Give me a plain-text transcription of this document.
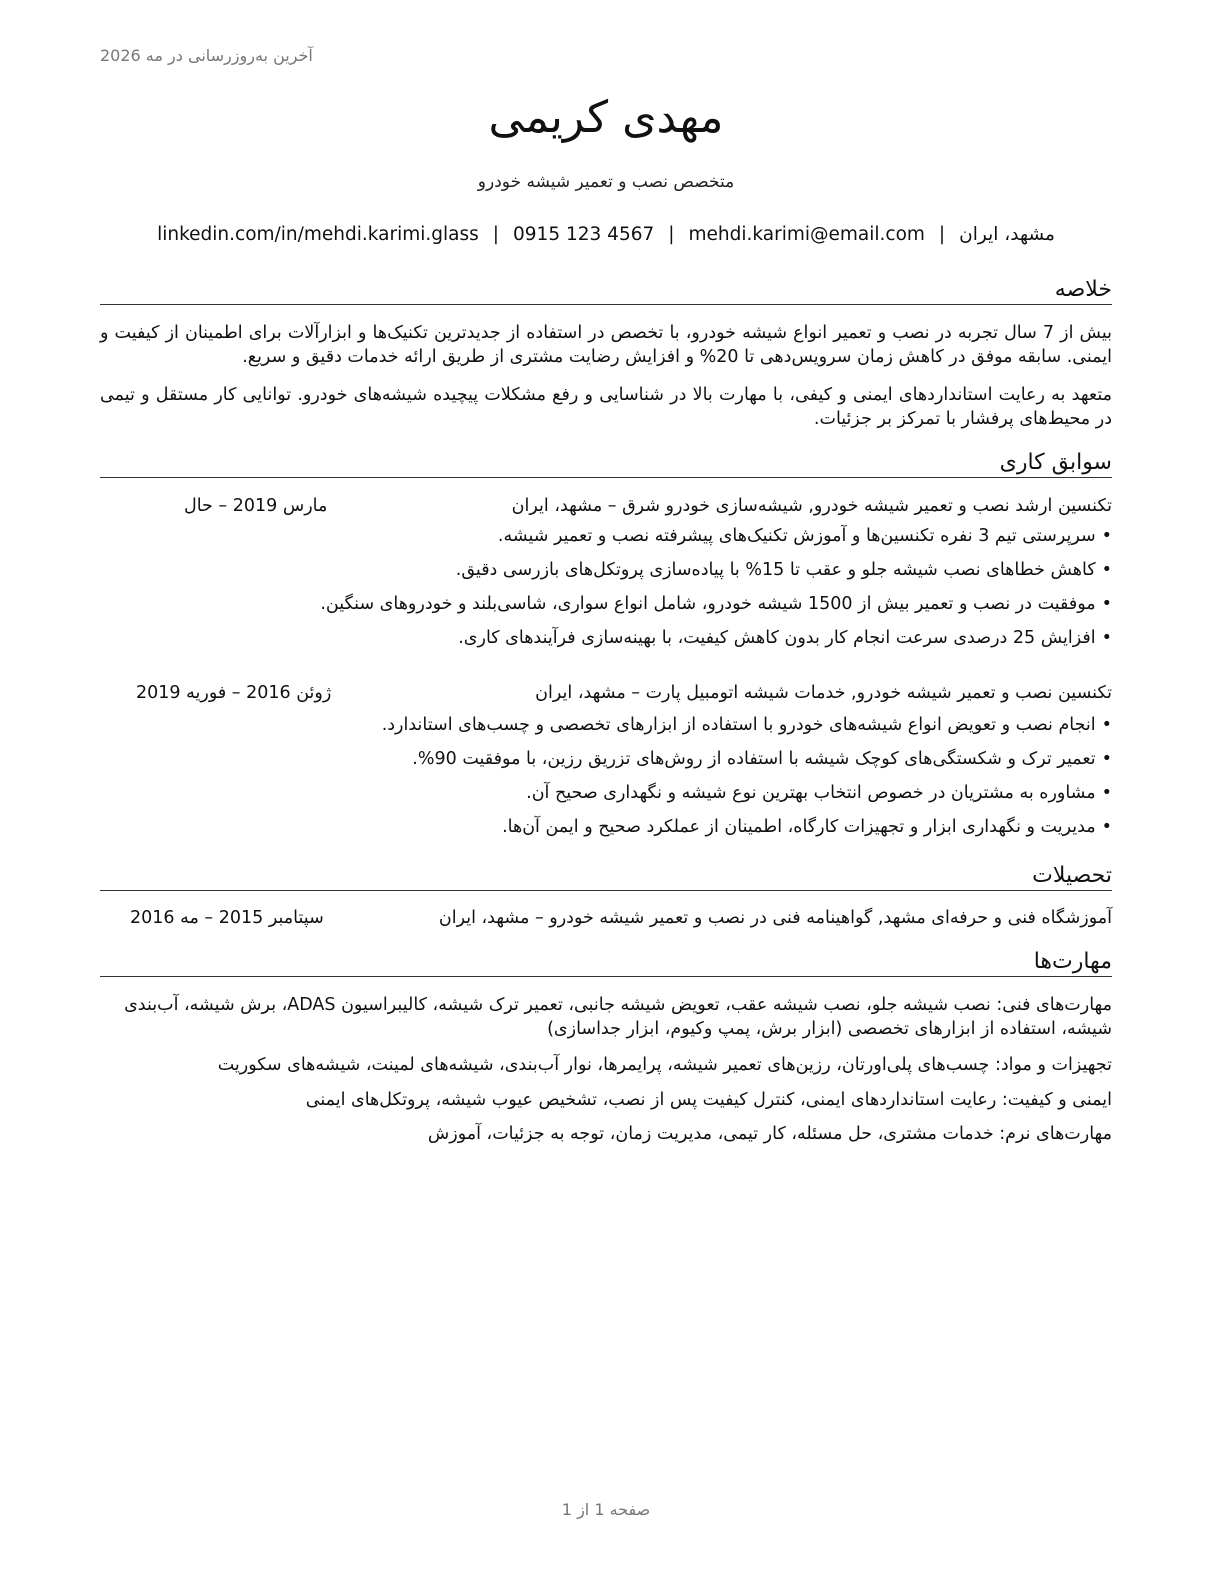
آخرین به‌روزرسانی در مه 2026
مهدی کریمی
متخصص نصب و تعمیر شیشه خودرو
مشهد، ایران|mehdi.karimi@email.com|0915 123 4567|linkedin.com/in/mehdi.karimi.glass
خلاصه
بیش از 7 سال تجربه در نصب و تعمیر انواع شیشه خودرو، با تخصص در استفاده از جدیدترین تکنیک‌ها و ابزارآلات برای اطمینان از کیفیت و ایمنی. سابقه موفق در کاهش زمان سرویس‌دهی تا 20% و افزایش رضایت مشتری از طریق ارائه خدمات دقیق و سریع.
متعهد به رعایت استانداردهای ایمنی و کیفی، با مهارت بالا در شناسایی و رفع مشکلات پیچیده شیشه‌های خودرو. توانایی کار مستقل و تیمی در محیط‌های پرفشار با تمرکز بر جزئیات.
سوابق کاری
تکنسین ارشد نصب و تعمیر شیشه خودرو, شیشه‌سازی خودرو شرق – مشهد، ایران
مارس 2019 – حال
•سرپرستی تیم 3 نفره تکنسین‌ها و آموزش تکنیک‌های پیشرفته نصب و تعمیر شیشه.
•کاهش خطاهای نصب شیشه جلو و عقب تا 15% با پیاده‌سازی پروتکل‌های بازرسی دقیق.
•موفقیت در نصب و تعمیر بیش از 1500 شیشه خودرو، شامل انواع سواری، شاسی‌بلند و خودروهای سنگین.
•افزایش 25 درصدی سرعت انجام کار بدون کاهش کیفیت، با بهینه‌سازی فرآیندهای کاری.
تکنسین نصب و تعمیر شیشه خودرو, خدمات شیشه اتومبیل پارت – مشهد، ایران
ژوئن 2016 – فوریه 2019
•انجام نصب و تعویض انواع شیشه‌های خودرو با استفاده از ابزارهای تخصصی و چسب‌های استاندارد.
•تعمیر ترک و شکستگی‌های کوچک شیشه با استفاده از روش‌های تزریق رزین، با موفقیت 90%.
•مشاوره به مشتریان در خصوص انتخاب بهترین نوع شیشه و نگهداری صحیح آن.
•مدیریت و نگهداری ابزار و تجهیزات کارگاه، اطمینان از عملکرد صحیح و ایمن آن‌ها.
تحصیلات
آموزشگاه فنی و حرفه‌ای مشهد, گواهینامه فنی در نصب و تعمیر شیشه خودرو – مشهد، ایران
سپتامبر 2015 – مه 2016
مهارت‌ها
مهارت‌های فنی: نصب شیشه جلو، نصب شیشه عقب، تعویض شیشه جانبی، تعمیر ترک شیشه، کالیبراسیون ADAS، برش شیشه، آب‌بندی شیشه، استفاده از ابزارهای تخصصی (ابزار برش، پمپ وکیوم، ابزار جداسازی)
تجهیزات و مواد: چسب‌های پلی‌اورتان، رزین‌های تعمیر شیشه، پرایمرها، نوار آب‌بندی، شیشه‌های لمینت، شیشه‌های سکوریت
ایمنی و کیفیت: رعایت استانداردهای ایمنی، کنترل کیفیت پس از نصب، تشخیص عیوب شیشه، پروتکل‌های ایمنی
مهارت‌های نرم: خدمات مشتری، حل مسئله، کار تیمی، مدیریت زمان، توجه به جزئیات، آموزش
صفحه 1 از 1
